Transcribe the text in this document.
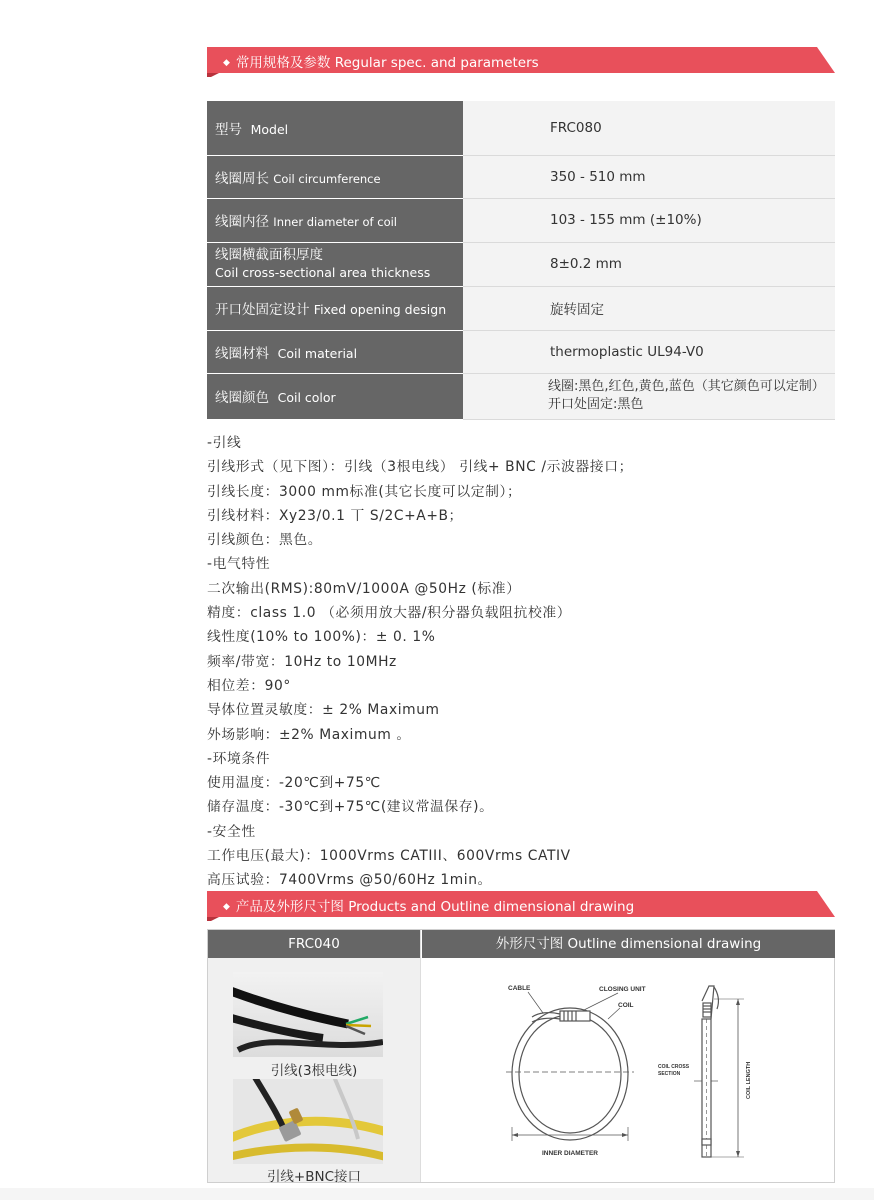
◆ 常用规格及参数 Regular spec. and parameters
型号 Model	FRC080
线圈周长 Coil circumference	350 - 510 mm
线圈内径 Inner diameter of coil	103 - 155 mm (±10%)
线圈横截面积厚度
Coil cross-sectional area thickness	8±0.2 mm
开口处固定设计 Fixed opening design	旋转固定
线圈材料 Coil material	thermoplastic UL94-V0
线圈颜色 Coil color	线圈:黑色,红色,黄色,蓝色（其它颜色可以定制）
开口处固定:黑色
-引线
引线形式（见下图）：引线（3根电线） 引线+ BNC /示波器接口；
引线长度：3000 mm标准(其它长度可以定制）；
引线材料：Xy23/0.1 丅 S/2C+A+B；
引线颜色：黑色。
-电气特性
二次输出(RMS):80mV/1000A @50Hz (标准）
精度：class 1.0 （必须用放大器/积分器负载阻抗校准）
线性度(10% to 100%)：± 0. 1%
频率/带宽：10Hz to 10MHz
相位差：90°
导体位置灵敏度：± 2% Maximum
外场影响：±2% Maximum 。
-环境条件
使用温度：-20℃到+75℃
储存温度：-30℃到+75℃(建议常温保存)。
-安全性
工作电压(最大)：1000Vrms CATIII、600Vrms CATIV
高压试验：7400Vrms @50/60Hz 1min。
◆ 产品及外形尺寸图 Products and Outline dimensional drawing
FRC040	外形尺寸图 Outline dimensional drawing
引线(3根电线)
引线+BNC接口
CABLE	CLOSING UNIT
COIL
INNER DIAMETER
COIL CROSS
SECTION	COIL LENGTH
